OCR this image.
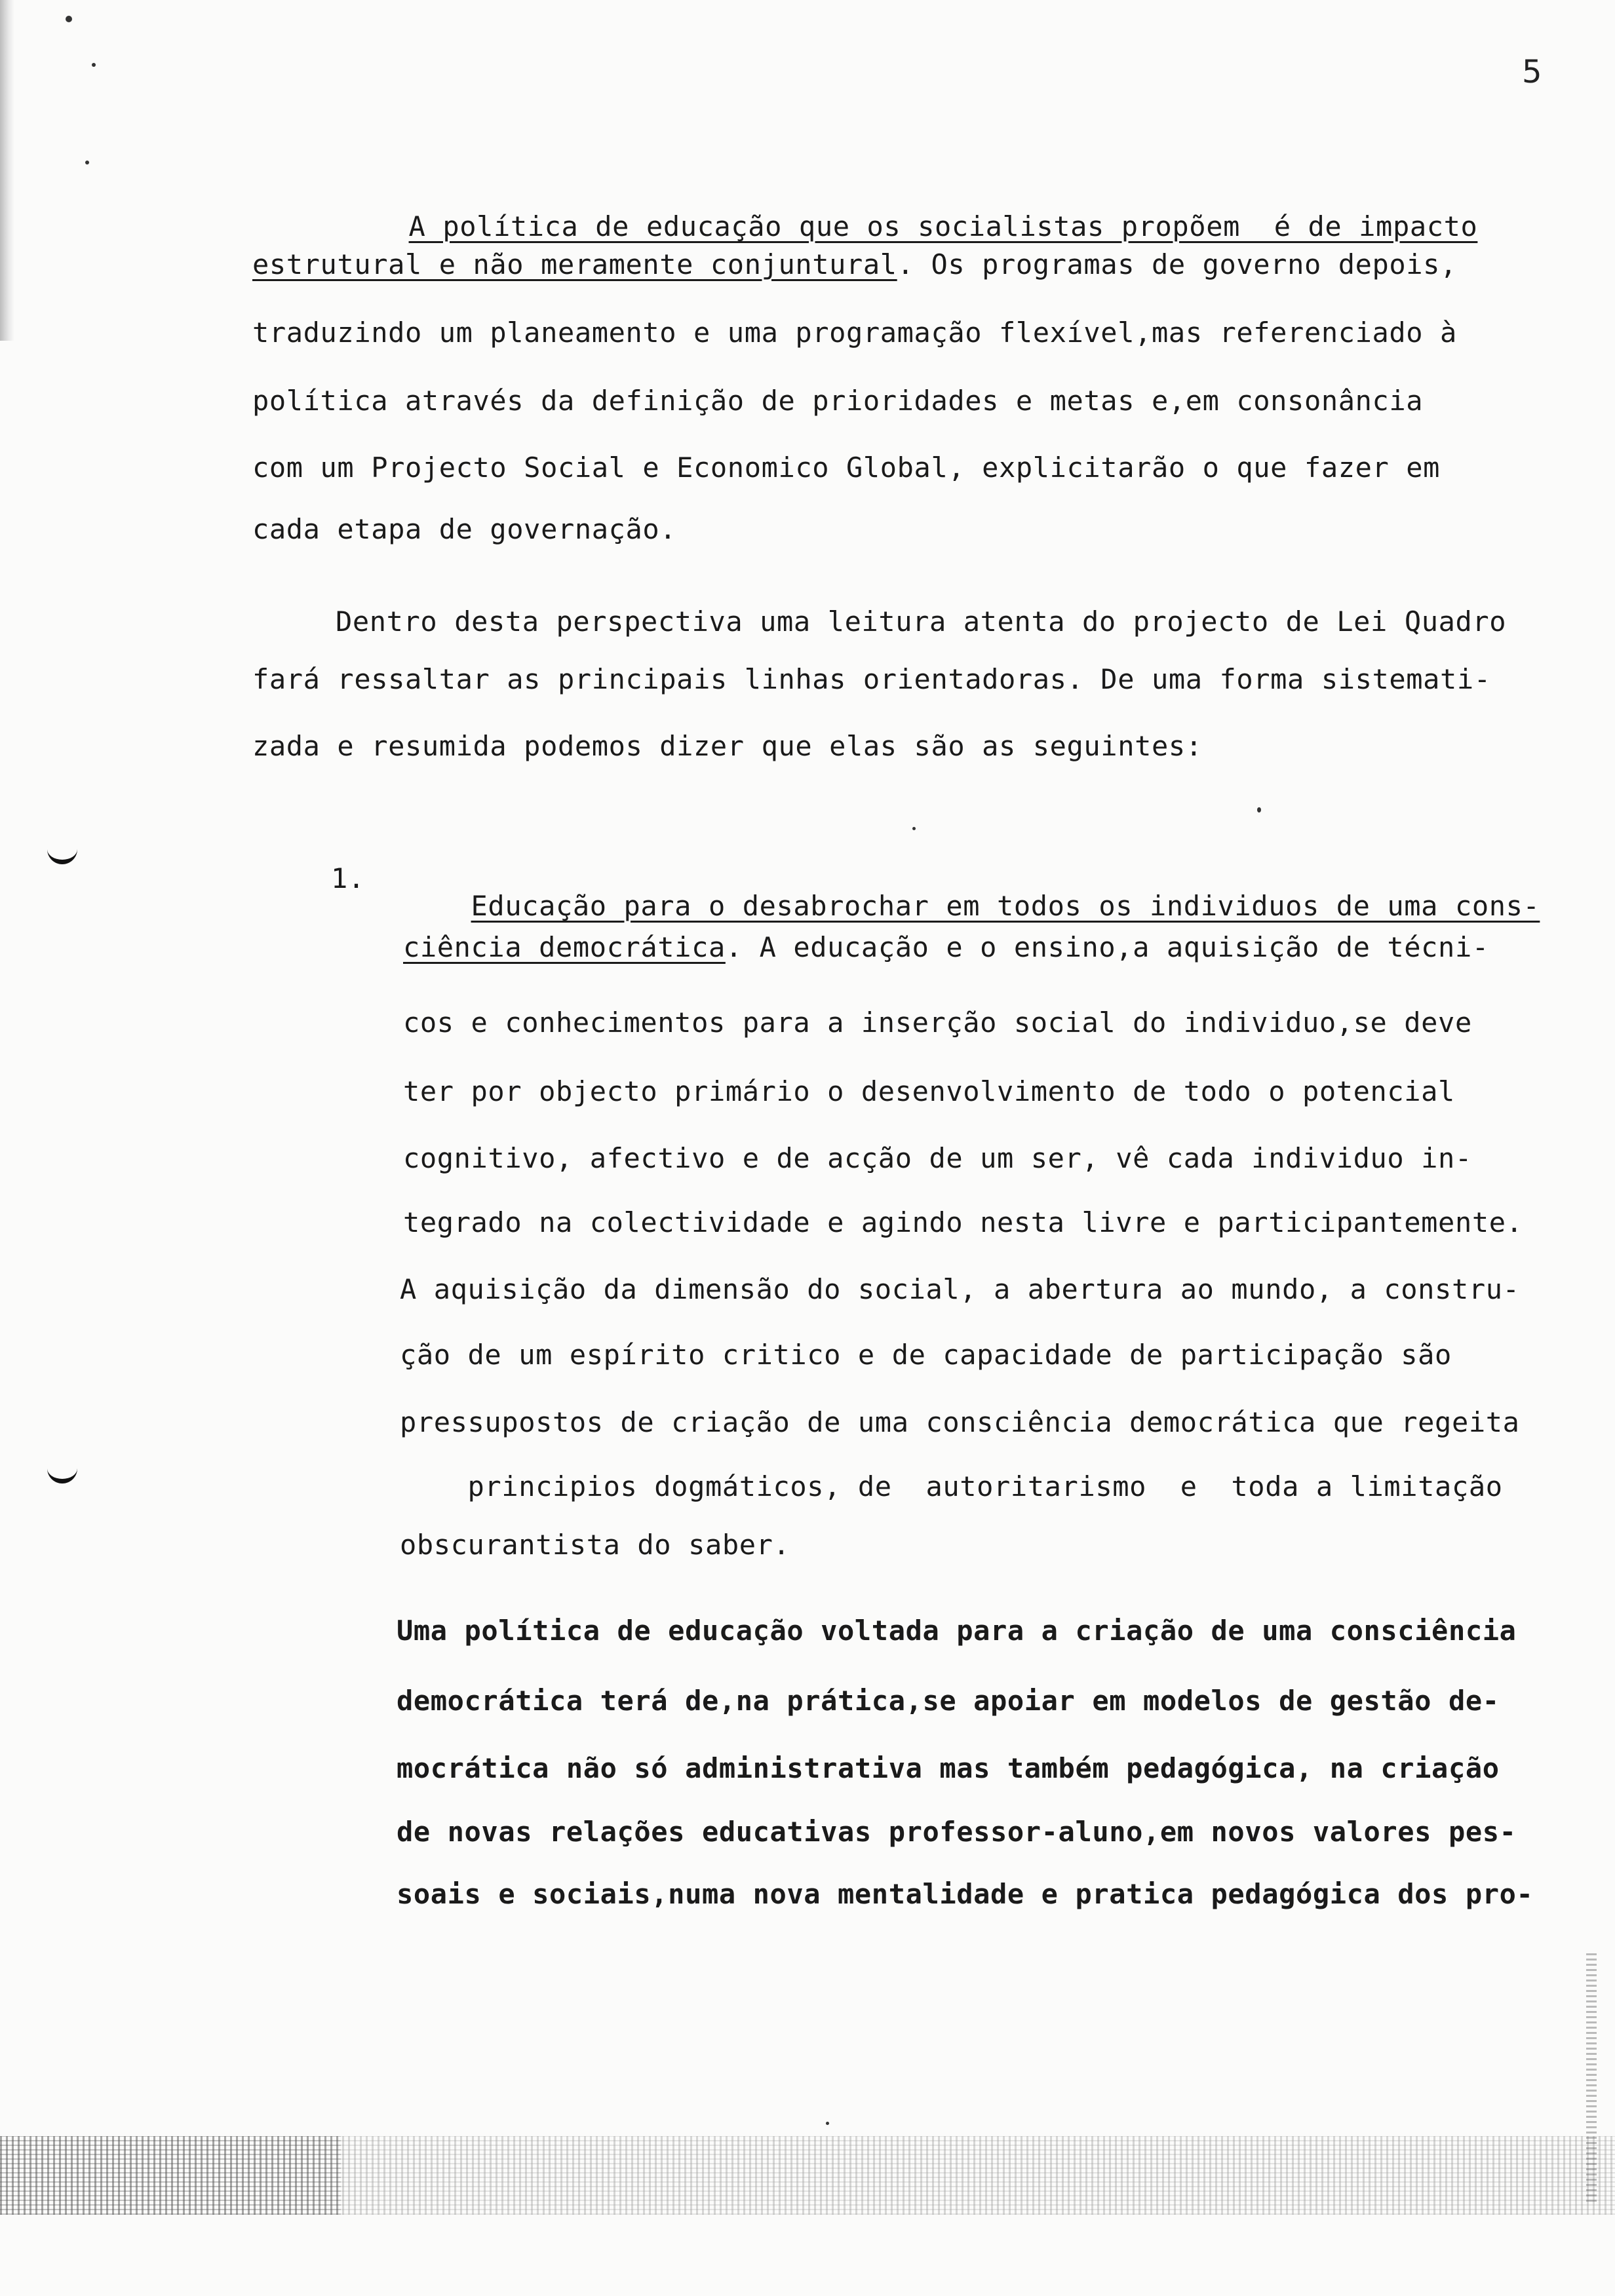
5

A política de educação que os socialistas propõem  é de impacto

estrutural e não meramente conjuntural. Os programas de governo depois,
traduzindo um planeamento e uma programação flexível,mas referenciado à
política através da definição de prioridades e metas e,em consonância
com um Projecto Social e Economico Global, explicitarão o que fazer em
cada etapa de governação.
Dentro desta perspectiva uma leitura atenta do projecto de Lei Quadro
fará ressaltar as principais linhas orientadoras. De uma forma sistemati-
zada e resumida podemos dizer que elas são as seguintes:
1.

Educação para o desabrochar em todos os individuos de uma cons-

ciência democrática. A educação e o ensino,a aquisição de técni-
cos e conhecimentos para a inserção social do individuo,se deve
ter por objecto primário o desenvolvimento de todo o potencial
cognitivo, afectivo e de acção de um ser, vê cada individuo in-
tegrado na colectividade e agindo nesta livre e participantemente.
A aquisição da dimensão do social, a abertura ao mundo, a constru-
ção de um espírito critico e de capacidade de participação são
pressupostos de criação de uma consciência democrática que regeita
principios dogmáticos, de  autoritarismo  e  toda a limitação
obscurantista do saber.
Uma política de educação voltada para a criação de uma consciência
democrática terá de,na prática,se apoiar em modelos de gestão de-
mocrática não só administrativa mas também pedagógica, na criação
de novas relações educativas professor-aluno,em novos valores pes-
soais e sociais,numa nova mentalidade e pratica pedagógica dos pro-
